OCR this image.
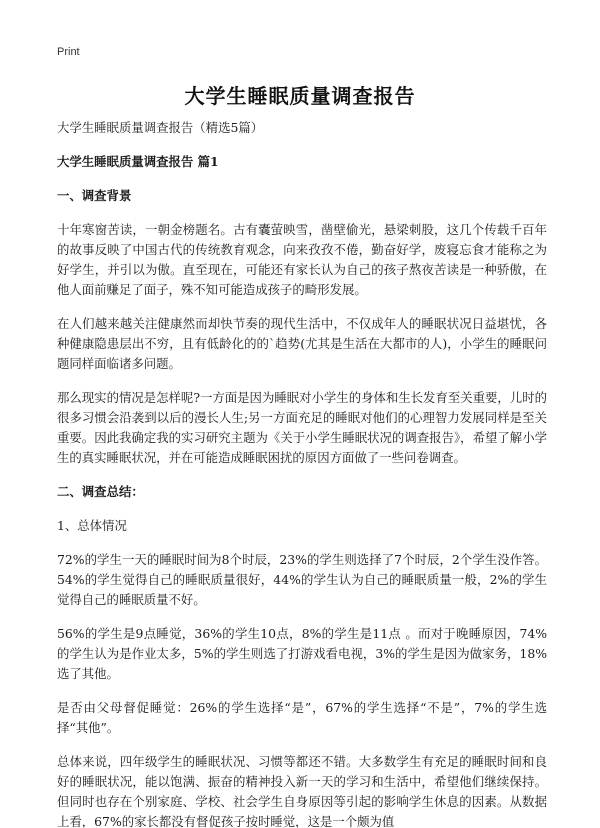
Print
大学生睡眠质量调查报告

大学生睡眠质量调查报告（精选5篇）

大学生睡眠质量调查报告 篇1

一、调查背景

十年寒窗苦读，一朝金榜题名。古有囊萤映雪，凿壁偷光，悬梁刺股，这几个传载千百年的故事反映了中国古代的传统教育观念，向来孜孜不倦，勤奋好学，废寝忘食才能称之为好学生，并引以为傲。直至现在，可能还有家长认为自己的孩子熬夜苦读是一种骄傲，在他人面前赚足了面子，殊不知可能造成孩子的畸形发展。

在人们越来越关注健康然而却快节奏的现代生活中，不仅成年人的睡眠状况日益堪忧，各种健康隐患层出不穷，且有低龄化的的`趋势(尤其是生活在大都市的人)，小学生的睡眠问题同样面临诸多问题。

那么现实的情况是怎样呢?一方面是因为睡眠对小学生的身体和生长发育至关重要，儿时的很多习惯会沿袭到以后的漫长人生;另一方面充足的睡眠对他们的心理智力发展同样是至关重要。因此我确定我的实习研究主题为《关于小学生睡眠状况的调查报告》，希望了解小学生的真实睡眠状况，并在可能造成睡眠困扰的原因方面做了一些问卷调查。

二、调查总结：

1、总体情况

72%的学生一天的睡眠时间为8个时辰，23%的学生则选择了7个时辰，2个学生没作答。 54%的学生觉得自己的睡眠质量很好，44%的学生认为自己的睡眠质量一般，2%的学生觉得自己的睡眠质量不好。

56%的学生是9点睡觉，36%的学生10点，8%的学生是11点 。而对于晚睡原因，74%的学生认为是作业太多，5%的学生则选了打游戏看电视，3%的学生是因为做家务，18%选了其他。

是否由父母督促睡觉：26%的学生选择“是”，67%的学生选择“不是”，7%的学生选择“其他”。

总体来说，四年级学生的睡眠状况、习惯等都还不错。大多数学生有充足的睡眠时间和良好的睡眠状况，能以饱满、振奋的精神投入新一天的学习和生活中，希望他们继续保持。但同时也存在个别家庭、学校、社会学生自身原因等引起的影响学生休息的因素。从数据上看，67%的家长都没有督促孩子按时睡觉，这是一个颇为值
